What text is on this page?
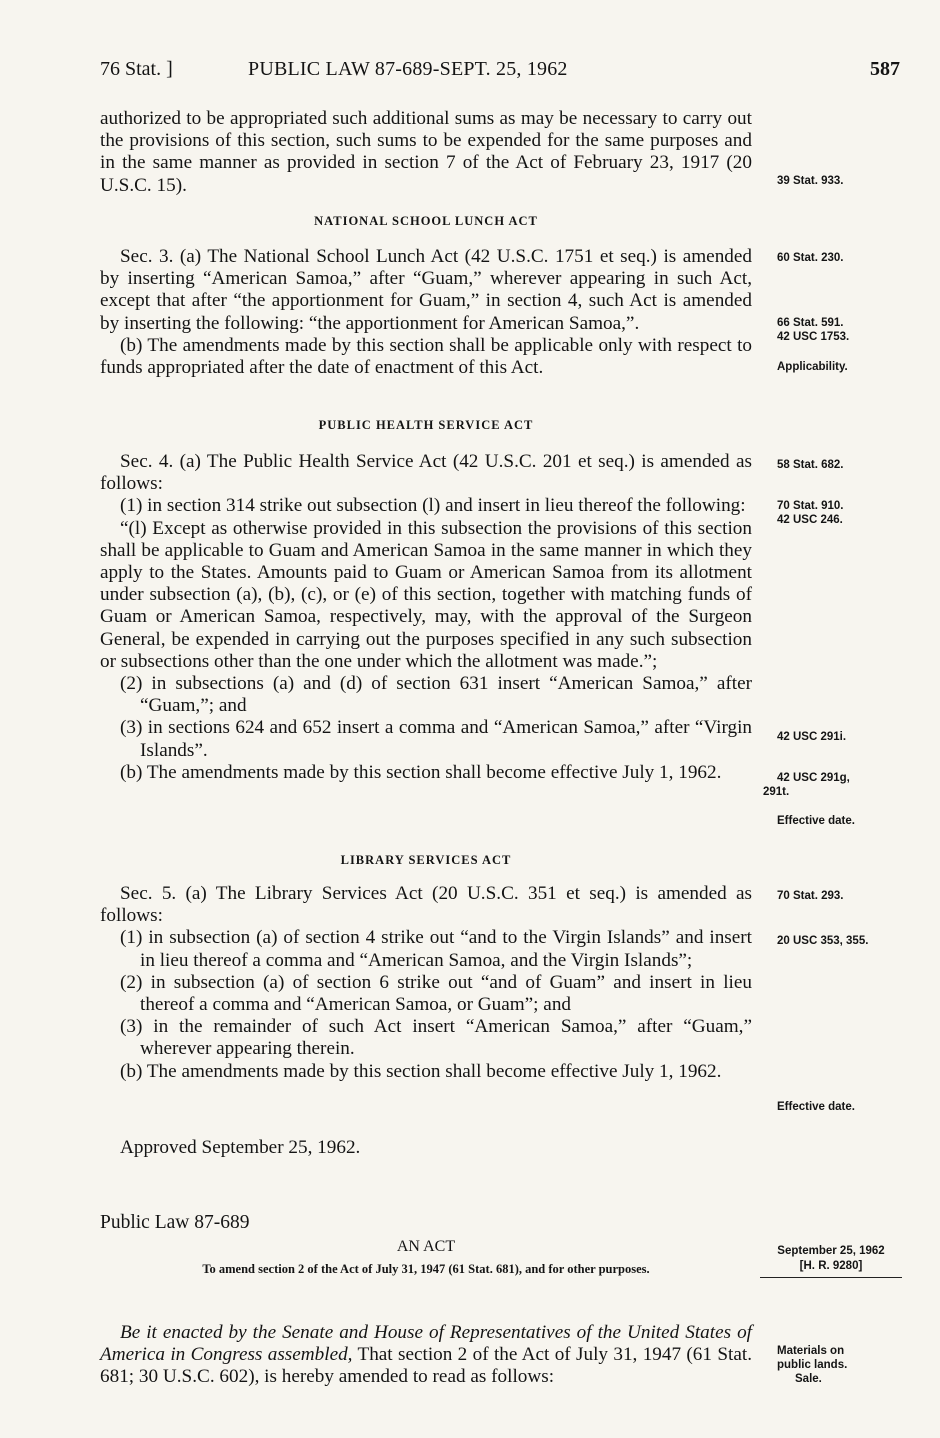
76 Stat. ]	PUBLIC LAW 87-689-SEPT. 25, 1962	587

authorized to be appropriated such additional sums as may be necessary to carry out the provisions of this section, such sums to be expended for the same purposes and in the same manner as provided in section 7 of the Act of February 23, 1917 (20 U.S.C. 15).

NATIONAL SCHOOL LUNCH ACT

Sec. 3. (a) The National School Lunch Act (42 U.S.C. 1751 et seq.) is amended by inserting “American Samoa,” after “Guam,” wherever appearing in such Act, except that after “the apportionment for Guam,” in section 4, such Act is amended by inserting the following: “the apportionment for American Samoa,”.

(b) The amendments made by this section shall be applicable only with respect to funds appropriated after the date of enactment of this Act.

PUBLIC HEALTH SERVICE ACT

Sec. 4. (a) The Public Health Service Act (42 U.S.C. 201 et seq.) is amended as follows:

(1) in section 314 strike out subsection (l) and insert in lieu thereof the following:

“(l) Except as otherwise provided in this subsection the provisions of this section shall be applicable to Guam and American Samoa in the same manner in which they apply to the States. Amounts paid to Guam or American Samoa from its allotment under subsection (a), (b), (c), or (e) of this section, together with matching funds of Guam or American Samoa, respectively, may, with the approval of the Surgeon General, be expended in carrying out the purposes specified in any such subsection or subsections other than the one under which the allotment was made.”;

(2) in subsections (a) and (d) of section 631 insert “American Samoa,” after “Guam,”; and

(3) in sections 624 and 652 insert a comma and “American Samoa,” after “Virgin Islands”.

(b) The amendments made by this section shall become effective July 1, 1962.

LIBRARY SERVICES ACT

Sec. 5. (a) The Library Services Act (20 U.S.C. 351 et seq.) is amended as follows:

(1) in subsection (a) of section 4 strike out “and to the Virgin Islands” and insert in lieu thereof a comma and “American Samoa, and the Virgin Islands”;

(2) in subsection (a) of section 6 strike out “and of Guam” and insert in lieu thereof a comma and “American Samoa, or Guam”; and

(3) in the remainder of such Act insert “American Samoa,” after “Guam,” wherever appearing therein.

(b) The amendments made by this section shall become effective July 1, 1962.

Approved September 25, 1962.
Public Law 87-689
AN ACT
To amend section 2 of the Act of July 31, 1947 (61 Stat. 681), and for other purposes.
September 25, 1962
[H. R. 9280]

Be it enacted by the Senate and House of Representatives of the United States of America in Congress assembled, That section 2 of the Act of July 31, 1947 (61 Stat. 681; 30 U.S.C. 602), is hereby amended to read as follows:

39 Stat. 933.
60 Stat. 230.
66 Stat. 591.
42 USC 1753.
Applicability.
58 Stat. 682.
70 Stat. 910.
42 USC 246.
42 USC 291i.
42 USC 291g,
291t.
Effective date.
70 Stat. 293.
20 USC 353, 355.
Effective date.
Materials on
public lands.
Sale.
